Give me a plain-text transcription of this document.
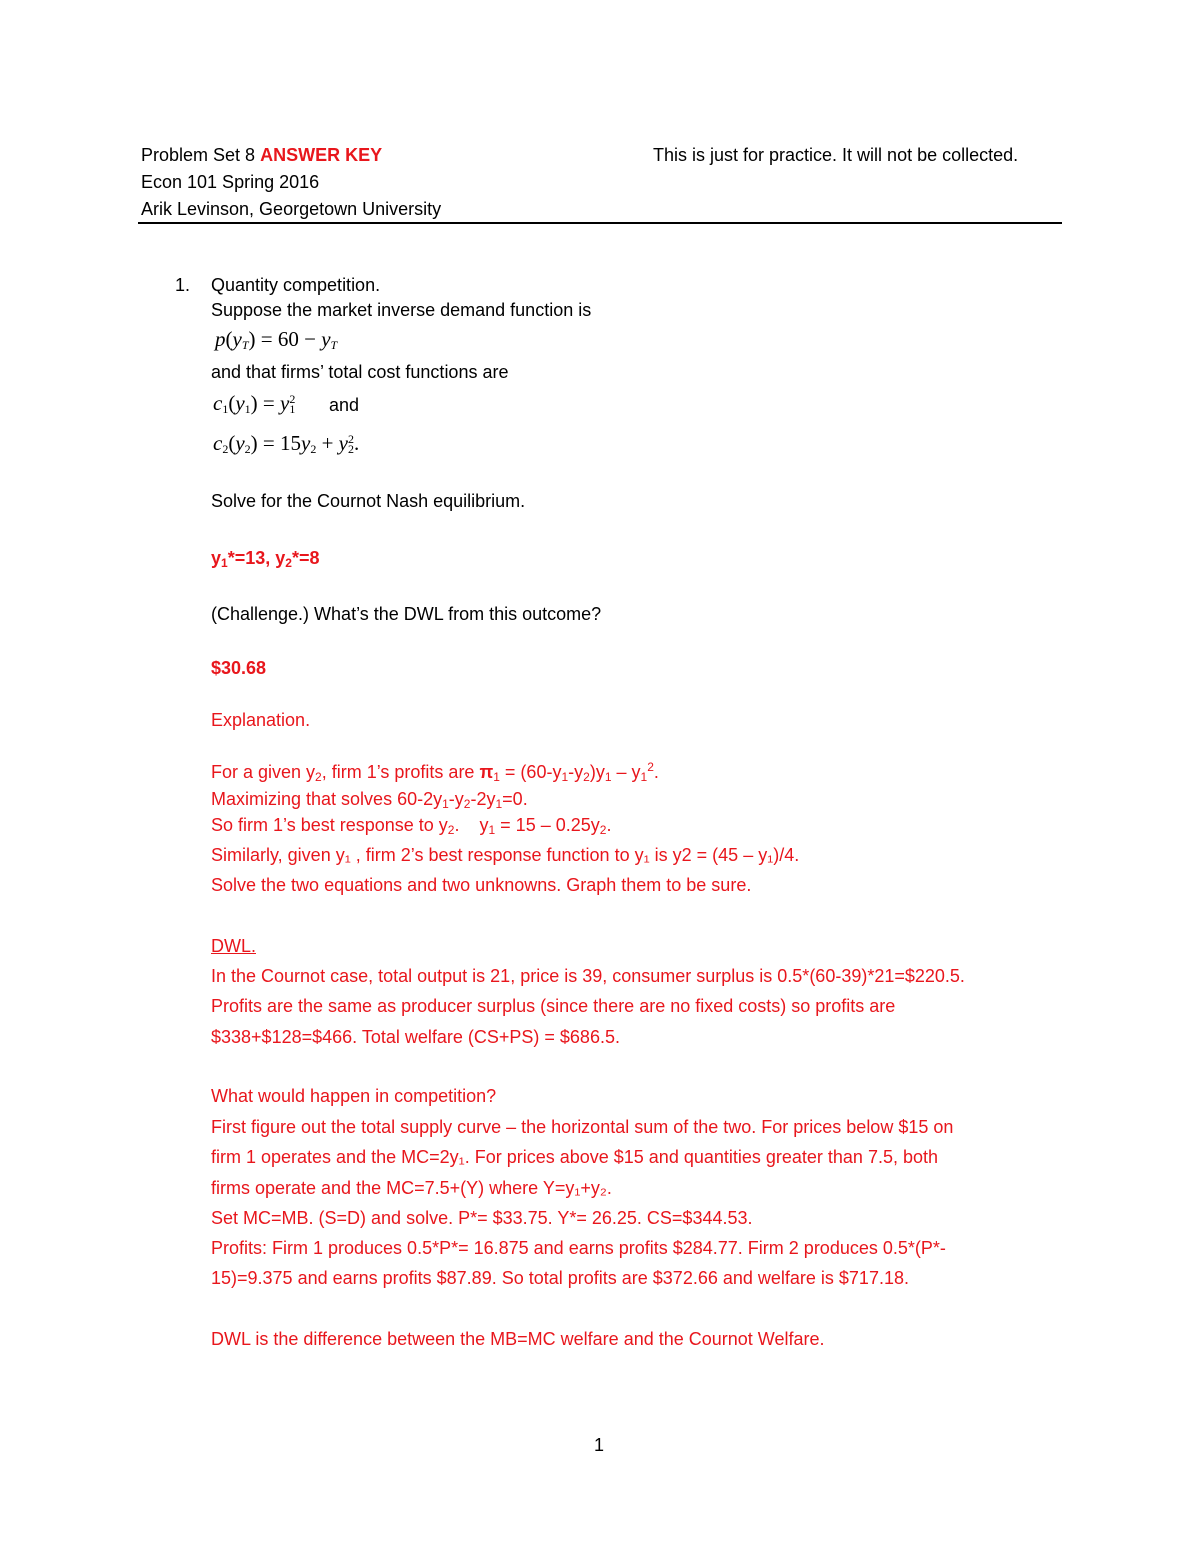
Problem Set 8 ANSWER KEY	This is just for practice. It will not be collected.
Econ 101 Spring 2016
Arik Levinson, Georgetown University
1. Quantity competition.
Suppose the market inverse demand function is
$p(y_T) = 60 - y_T$
and that firms’ total cost functions are
$c_1(y_1) = y_1^2$ and
$c_2(y_2) = 15y_2 + y_2^2$.
Solve for the Cournot Nash equilibrium.
$y_1*=13$, $y_2*=8$
(Challenge.) What’s the DWL from this outcome?
$30.68
Explanation.
For a given $y_2$, firm 1’s profits are $\pi_1 = (60-y_1-y_2)y_1 - y_1^2$.
Maximizing that solves $60-2y_1-y_2-2y_1=0$.
So firm 1’s best response to $y_2$.    $y_1 = 15 - 0.25y_2$.
Similarly, given y₁ , firm 2’s best response function to y₁ is y2 = (45 – y₁)/4.
Solve the two equations and two unknowns. Graph them to be sure.
DWL.
In the Cournot case, total output is 21, price is 39, consumer surplus is 0.5*(60-39)*21=$220.5.
Profits are the same as producer surplus (since there are no fixed costs) so profits are
$338+$128=$466. Total welfare (CS+PS) = $686.5.
What would happen in competition?
First figure out the total supply curve – the horizontal sum of the two. For prices below $15 on
firm 1 operates and the MC=2y₁. For prices above $15 and quantities greater than 7.5, both
firms operate and the MC=7.5+(Y) where Y=y₁+y₂.
Set MC=MB. (S=D) and solve. P*= $33.75. Y*= 26.25. CS=$344.53.
Profits: Firm 1 produces 0.5*P*= 16.875 and earns profits $284.77. Firm 2 produces 0.5*(P*-
15)=9.375 and earns profits $87.89. So total profits are $372.66 and welfare is $717.18.
DWL is the difference between the MB=MC welfare and the Cournot Welfare.
1
